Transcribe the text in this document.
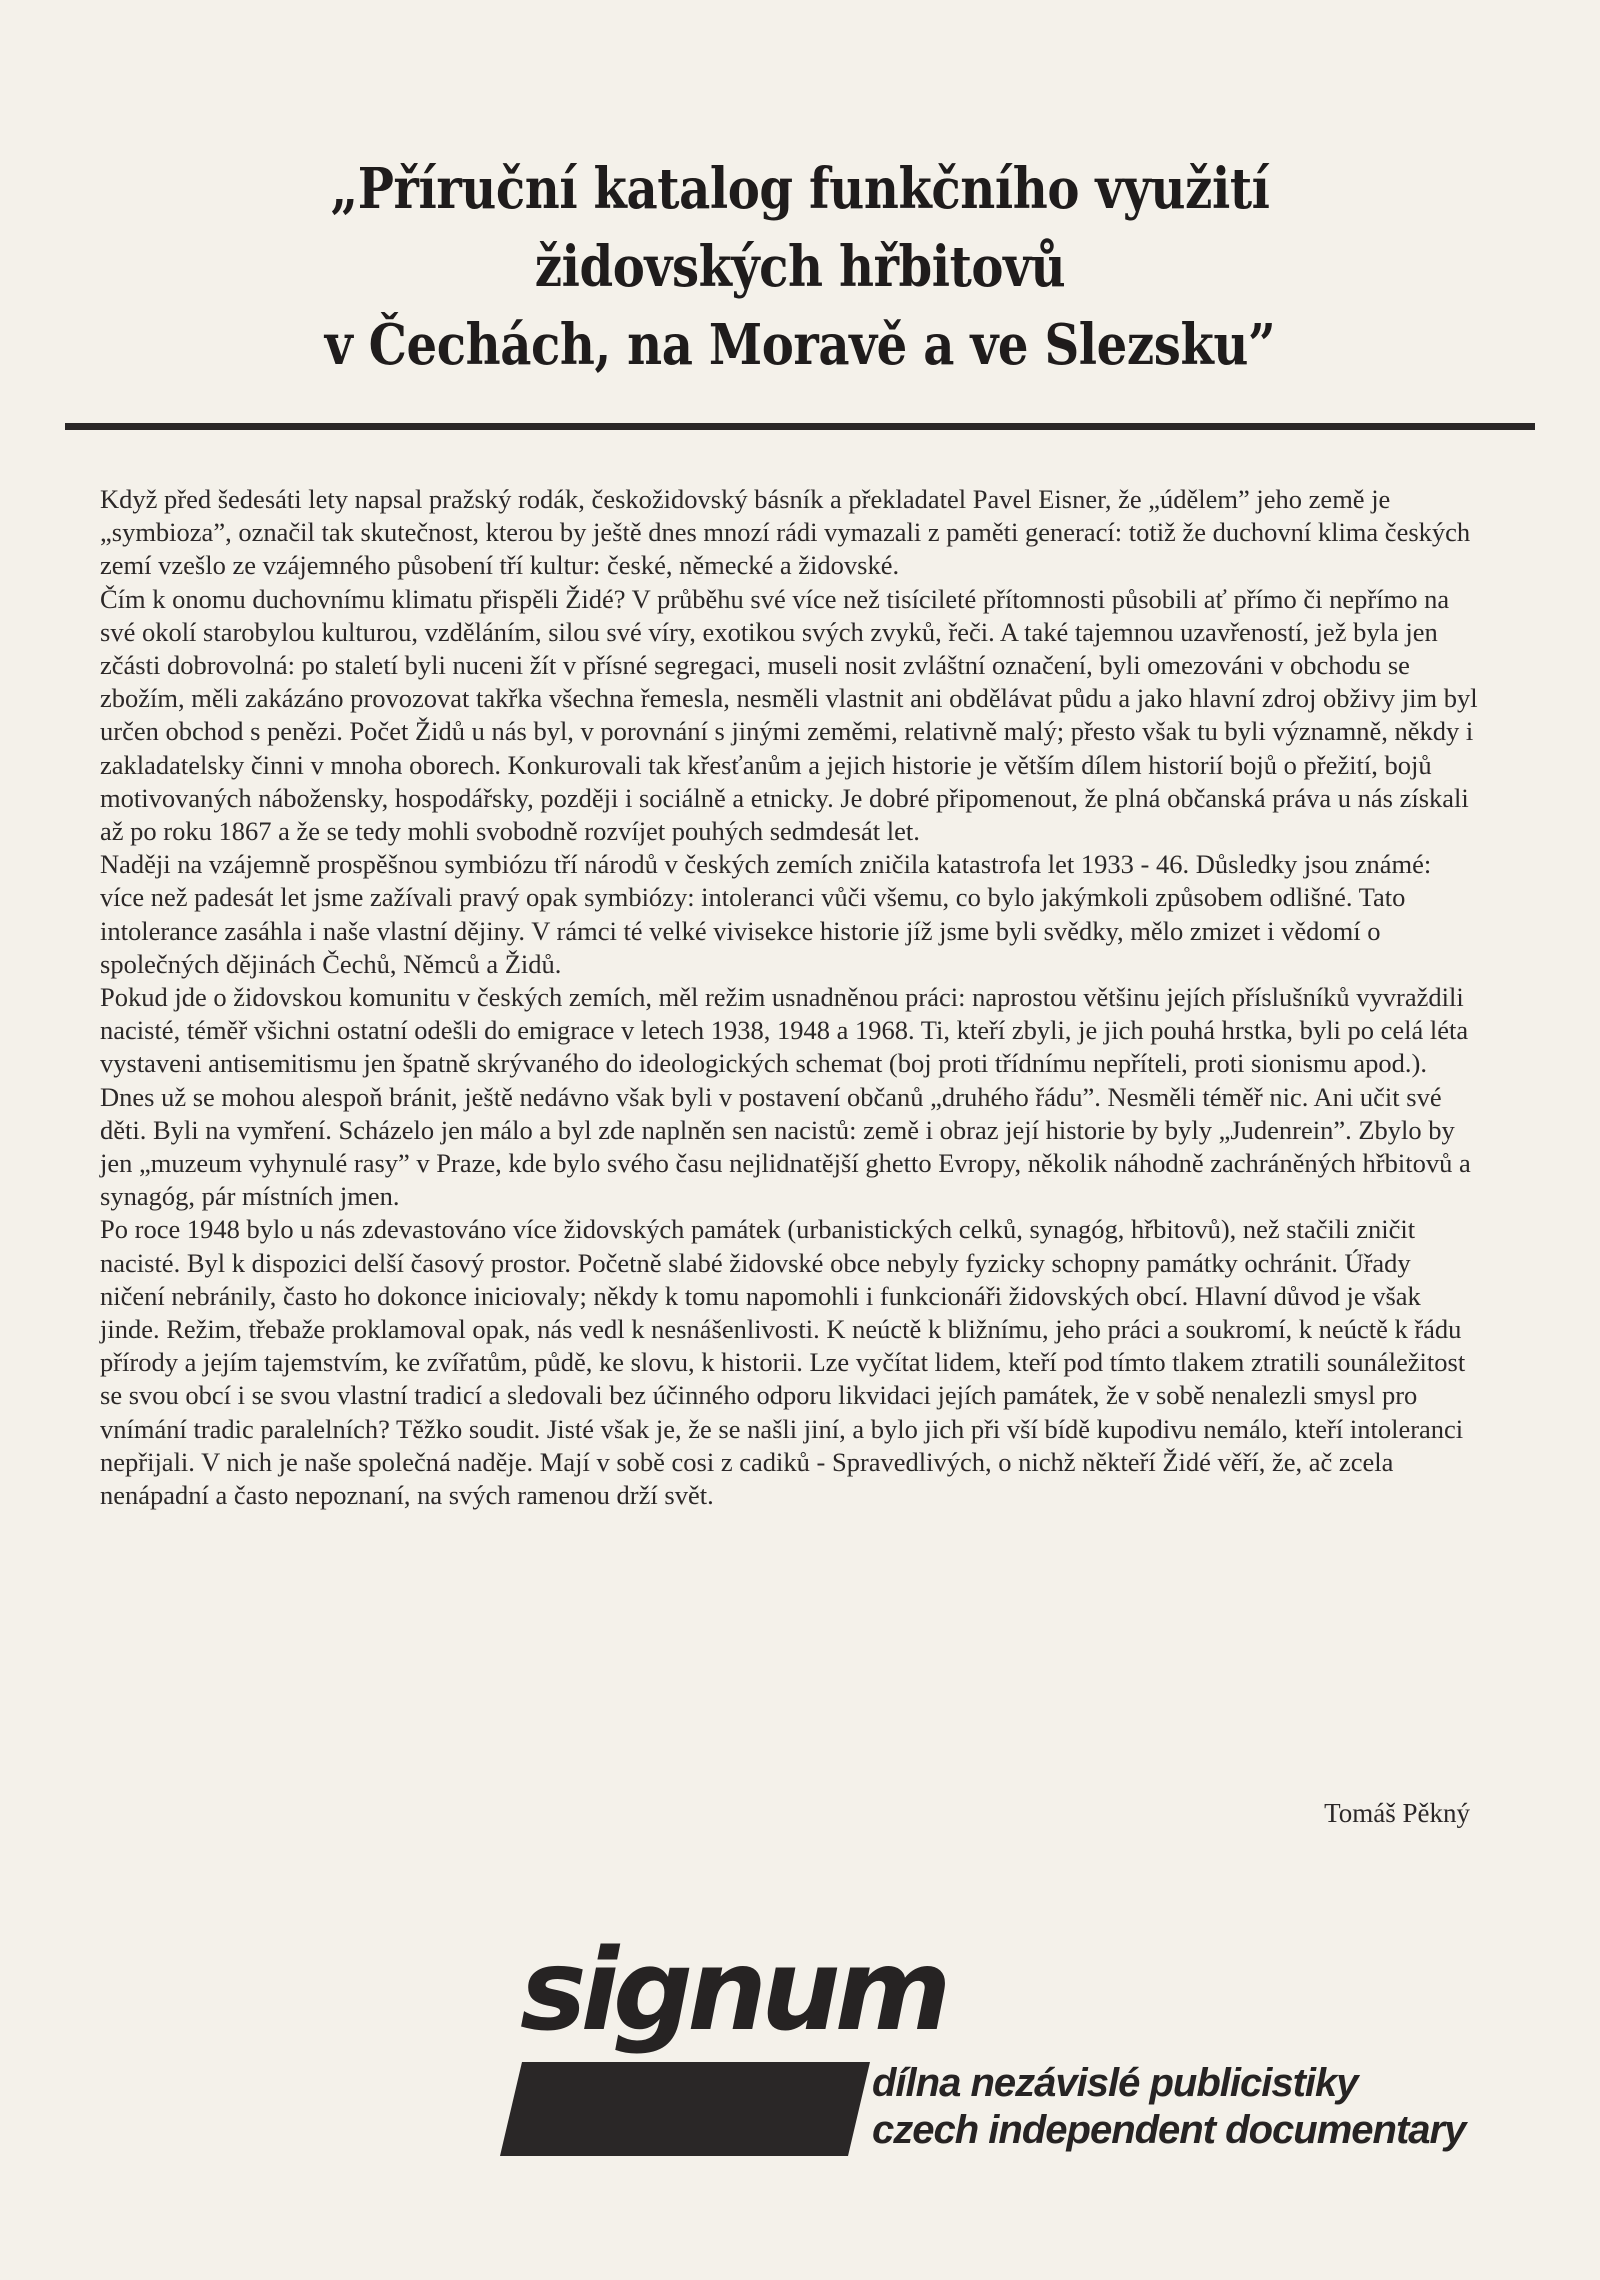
„Příruční katalog funkčního využití
židovských hřbitovů
v Čechách, na Moravě a ve Slezsku”

Když před šedesáti lety napsal pražský rodák, českožidovský básník a překladatel Pavel Eisner, že „údělem” jeho země je „symbioza”, označil tak skutečnost, kterou by ještě dnes mnozí rádi vymazali z paměti generací: totiž že duchovní klima českých zemí vzešlo ze vzájemného působení tří kultur: české, německé a židovské.

Čím k onomu duchovnímu klimatu přispěli Židé? V průběhu své více než tisícileté přítomnosti působili ať přímo či nepřímo na své okolí starobylou kulturou, vzděláním, silou své víry, exotikou svých zvyků, řeči. A také tajemnou uzavřeností, jež byla jen zčásti dobrovolná: po staletí byli nuceni žít v přísné segregaci, museli nosit zvláštní označení, byli omezováni v obchodu se zbožím, měli zakázáno provozovat takřka všechna řemesla, nesměli vlastnit ani obdělávat půdu a jako hlavní zdroj obživy jim byl určen obchod s penězi. Počet Židů u nás byl, v porovnání s jinými zeměmi, relativně malý; přesto však tu byli významně, někdy i zakladatelsky činni v mnoha oborech. Konkurovali tak křesťanům a jejich historie je větším dílem historií bojů o přežití, bojů motivovaných nábožensky, hospodářsky, později i sociálně a etnicky. Je dobré připomenout, že plná občanská práva u nás získali až po roku 1867 a že se tedy mohli svobodně rozvíjet pouhých sedmdesát let.

Naději na vzájemně prospěšnou symbiózu tří národů v českých zemích zničila katastrofa let 1933 - 46. Důsledky jsou známé: více než padesát let jsme zažívali pravý opak symbiózy: intoleranci vůči všemu, co bylo jakýmkoli způsobem odlišné. Tato intolerance zasáhla i naše vlastní dějiny. V rámci té velké vivisekce historie jíž jsme byli svědky, mělo zmizet i vědomí o společných dějinách Čechů, Němců a Židů.

Pokud jde o židovskou komunitu v českých zemích, měl režim usnadněnou práci: naprostou většinu jejích příslušníků vyvraždili nacisté, téměř všichni ostatní odešli do emigrace v letech 1938, 1948 a 1968. Ti, kteří zbyli, je jich pouhá hrstka, byli po celá léta vystaveni antisemitismu jen špatně skrývaného do ideologických schemat (boj proti třídnímu nepříteli, proti sionismu apod.). Dnes už se mohou alespoň bránit, ještě nedávno však byli v postavení občanů „druhého řádu”. Nesměli téměř nic. Ani učit své děti. Byli na vymření. Scházelo jen málo a byl zde naplněn sen nacistů: země i obraz její historie by byly „Judenrein”. Zbylo by jen „muzeum vyhynulé rasy” v Praze, kde bylo svého času nejlidnatější ghetto Evropy, několik náhodně zachráněných hřbitovů a synagóg, pár místních jmen.

Po roce 1948 bylo u nás zdevastováno více židovských památek (urbanistických celků, synagóg, hřbitovů), než stačili zničit nacisté. Byl k dispozici delší časový prostor. Početně slabé židovské obce nebyly fyzicky schopny památky ochránit. Úřady ničení nebránily, často ho dokonce iniciovaly; někdy k tomu napomohli i funkcionáři židovských obcí. Hlavní důvod je však jinde. Režim, třebaže proklamoval opak, nás vedl k nesnášenlivosti. K neúctě k bližnímu, jeho práci a soukromí, k neúctě k řádu přírody a jejím tajemstvím, ke zvířatům, půdě, ke slovu, k historii. Lze vyčítat lidem, kteří pod tímto tlakem ztratili sounáležitost se svou obcí i se svou vlastní tradicí a sledovali bez účinného odporu likvidaci jejích památek, že v sobě nenalezli smysl pro vnímání tradic paralelních? Těžko soudit. Jisté však je, že se našli jiní, a bylo jich při vší bídě kupodivu nemálo, kteří intoleranci nepřijali. V nich je naše společná naděje. Mají v sobě cosi z cadiků - Spravedlivých, o nichž někteří Židé věří, že, ač zcela nenápadní a často nepoznaní, na svých ramenou drží svět.

Tomáš Pěkný
signum
dílna nezávislé publicistiky
czech independent documentary
